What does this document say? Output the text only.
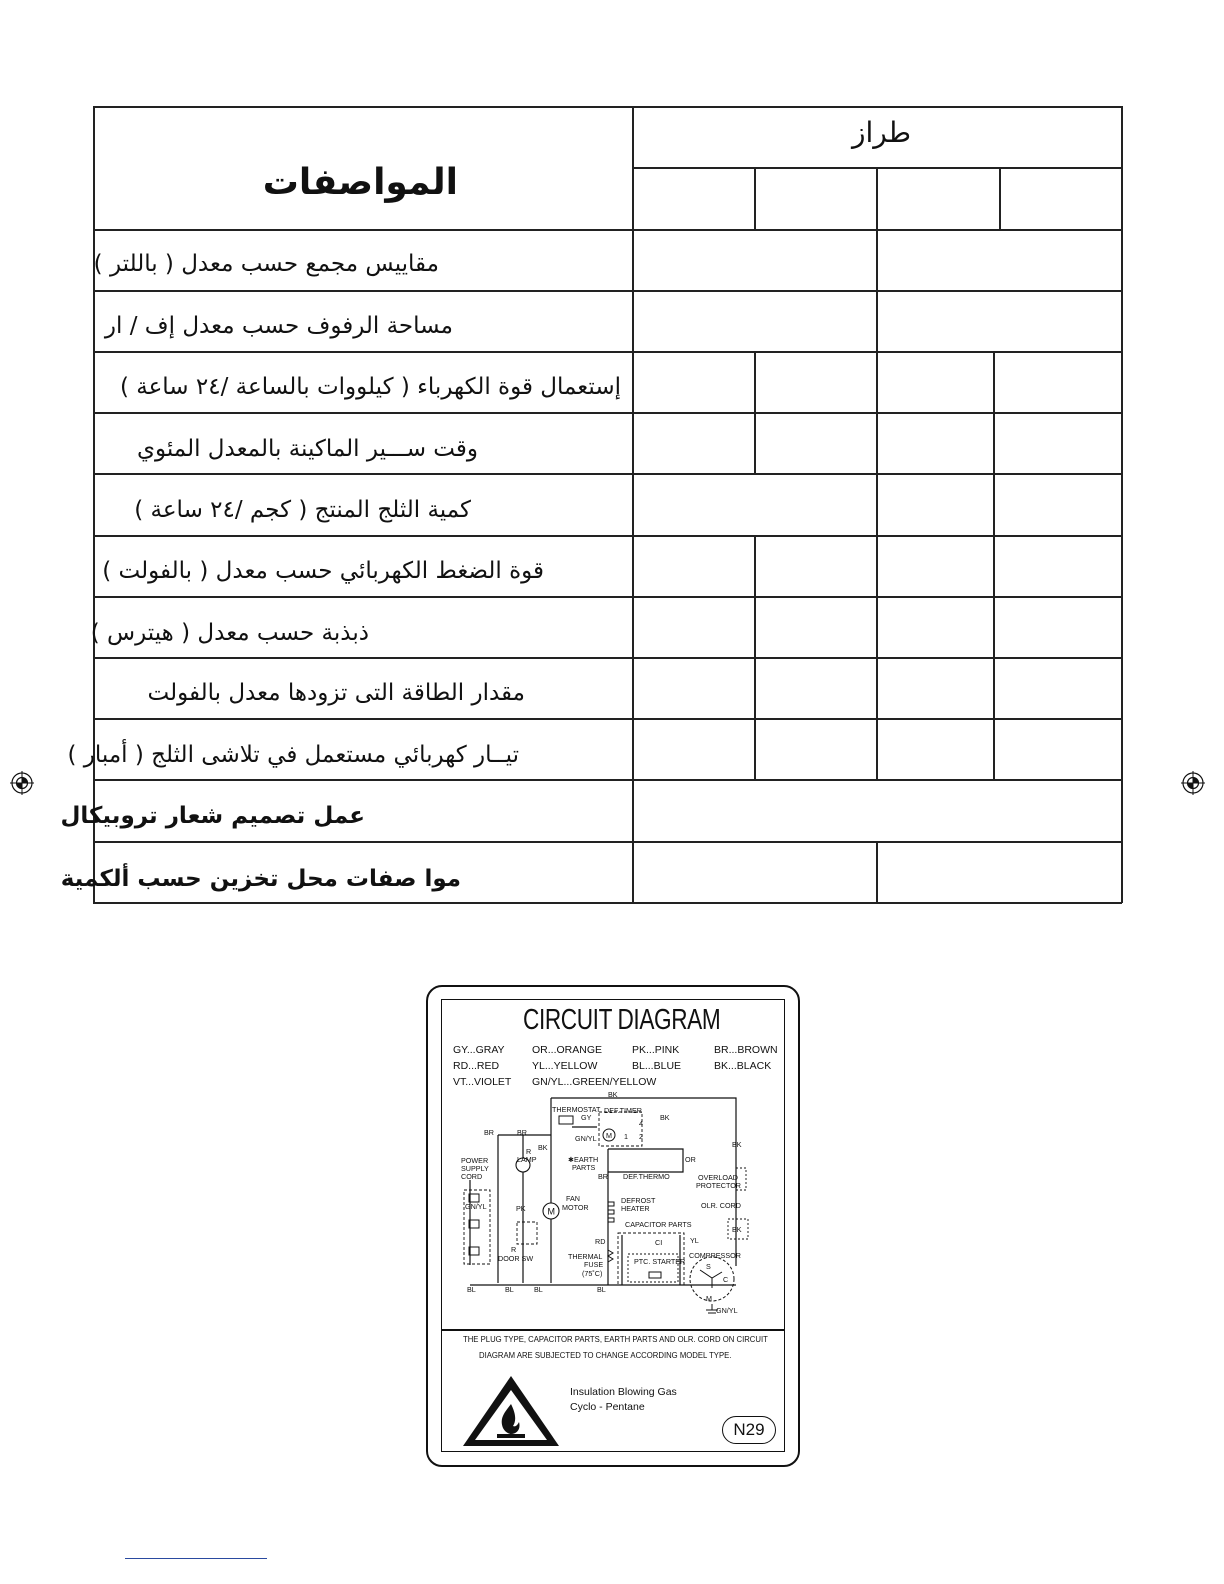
المواصفات
طراز
مقاييس مجمع حسب معدل ( باللتر )
مساحة الرفوف حسب معدل إف / ار
إستعمال قوة الكهرباء ( كيلووات بالساعة /٢٤ ساعة )
وقت ســـير الماكينة بالمعدل المئوي
كمية الثلج المنتج ( كجم /٢٤ ساعة )
قوة الضغط الكهربائي حسب معدل ( بالفولت )
ذبذبة حسب معدل ( هيترس )
مقدار الطاقة التى تزودها معدل بالفولت
تيــار كهربائي مستعمل في تلاشى الثلج ( أمبار )
عمل تصميم شعار تروبيكال
موا صفات محل تخزين حسب ألكمية
CIRCUIT DIAGRAM
GY...GRAY	OR...ORANGE	PK...PINK	BR...BROWN
RD...RED	YL...YELLOW	BL...BLUE	BK...BLACK
VT...VIOLET GN/YL...GREEN/YELLOW
M
M
BK
THERMOSTAT
GY
DEF.TIMER
BK
BR	BR
BK
GN/YL
4
2
1
BK
POWER
SUPPLY
CORD
R
LAMP	✱EARTH
PARTS
OR
BR DEF.THERMO	OVERLOAD
PROTECTOR
GN/YL
FAN
MOTOR
DEFROST
HEATER	OLR. CORD
PK
CAPACITOR PARTS
BK
RD	CI	YL
R
DOOR SW	THERMAL
FUSE
(75˚C)
PTC. STARTER
COMPRESSOR
S
C
M
GN/YL
BL	BL	BL	BL
THE PLUG TYPE, CAPACITOR PARTS, EARTH PARTS AND OLR. CORD ON CIRCUIT
DIAGRAM ARE SUBJECTED TO CHANGE ACCORDING MODEL TYPE.
Insulation Blowing Gas
Cyclo - Pentane
N29
